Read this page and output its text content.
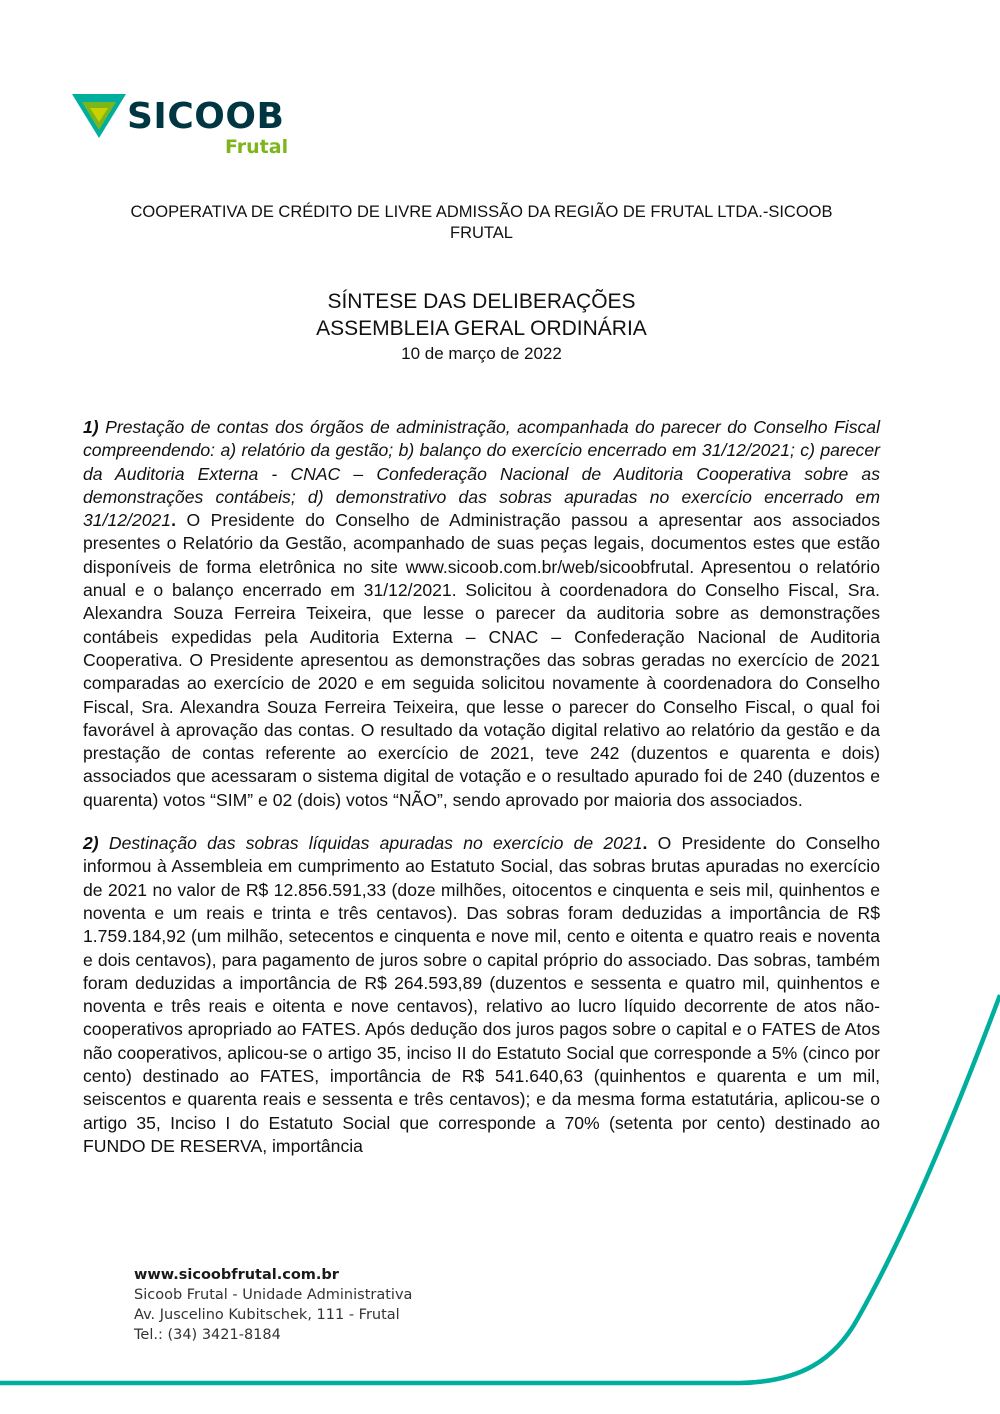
SICOOB
Frutal
COOPERATIVA DE CRÉDITO DE LIVRE ADMISSÃO DA REGIÃO DE FRUTAL LTDA.-SICOOB
FRUTAL
SÍNTESE DAS DELIBERAÇÕES
ASSEMBLEIA GERAL ORDINÁRIA
10 de março de 2022

1) Prestação de contas dos órgãos de administração, acompanhada do parecer do Conselho Fiscal compreendendo: a) relatório da gestão; b) balanço do exercício encerrado em 31/12/2021; c) parecer da Auditoria Externa - CNAC – Confederação Nacional de Auditoria Cooperativa sobre as demonstrações contábeis; d) demonstrativo das sobras apuradas no exercício encerrado em 31/12/2021. O Presidente do Conselho de Administração passou a apresentar aos associados presentes o Relatório da Gestão, acompanhado de suas peças legais, documentos estes que estão disponíveis de forma eletrônica no site www.sicoob.com.br/web/sicoobfrutal. Apresentou o relatório anual e o balanço encerrado em 31/12/2021. Solicitou à coordenadora do Conselho Fiscal, Sra. Alexandra Souza Ferreira Teixeira, que lesse o parecer da auditoria sobre as demonstrações contábeis expedidas pela Auditoria Externa – CNAC – Confederação Nacional de Auditoria Cooperativa. O Presidente apresentou as demonstrações das sobras geradas no exercício de 2021 comparadas ao exercício de 2020 e em seguida solicitou novamente à coordenadora do Conselho Fiscal, Sra. Alexandra Souza Ferreira Teixeira, que lesse o parecer do Conselho Fiscal, o qual foi favorável à aprovação das contas. O resultado da votação digital relativo ao relatório da gestão e da prestação de contas referente ao exercício de 2021, teve 242 (duzentos e quarenta e dois) associados que acessaram o sistema digital de votação e o resultado apurado foi de 240 (duzentos e quarenta) votos “SIM” e 02 (dois) votos “NÃO”, sendo aprovado por maioria dos associados.

2) Destinação das sobras líquidas apuradas no exercício de 2021. O Presidente do Conselho informou à Assembleia em cumprimento ao Estatuto Social, das sobras brutas apuradas no exercício de 2021 no valor de R$ 12.856.591,33 (doze milhões, oitocentos e cinquenta e seis mil, quinhentos e noventa e um reais e trinta e três centavos). Das sobras foram deduzidas a importância de R$ 1.759.184,92 (um milhão, setecentos e cinquenta e nove mil, cento e oitenta e quatro reais e noventa e dois centavos), para pagamento de juros sobre o capital próprio do associado. Das sobras, também foram deduzidas a importância de R$ 264.593,89 (duzentos e sessenta e quatro mil, quinhentos e noventa e três reais e oitenta e nove centavos), relativo ao lucro líquido decorrente de atos não-cooperativos apropriado ao FATES. Após dedução dos juros pagos sobre o capital e o FATES de Atos não cooperativos, aplicou-se o artigo 35, inciso II do Estatuto Social que corresponde a 5% (cinco por cento) destinado ao FATES, importância de R$ 541.640,63 (quinhentos e quarenta e um mil, seiscentos e quarenta reais e sessenta e três centavos); e da mesma forma estatutária, aplicou-se o artigo 35, Inciso I do Estatuto Social que corresponde a 70% (setenta por cento) destinado ao FUNDO DE RESERVA, importância

www.sicoobfrutal.com.br
Sicoob Frutal - Unidade Administrativa
Av. Juscelino Kubitschek, 111 - Frutal
Tel.: (34) 3421-8184
